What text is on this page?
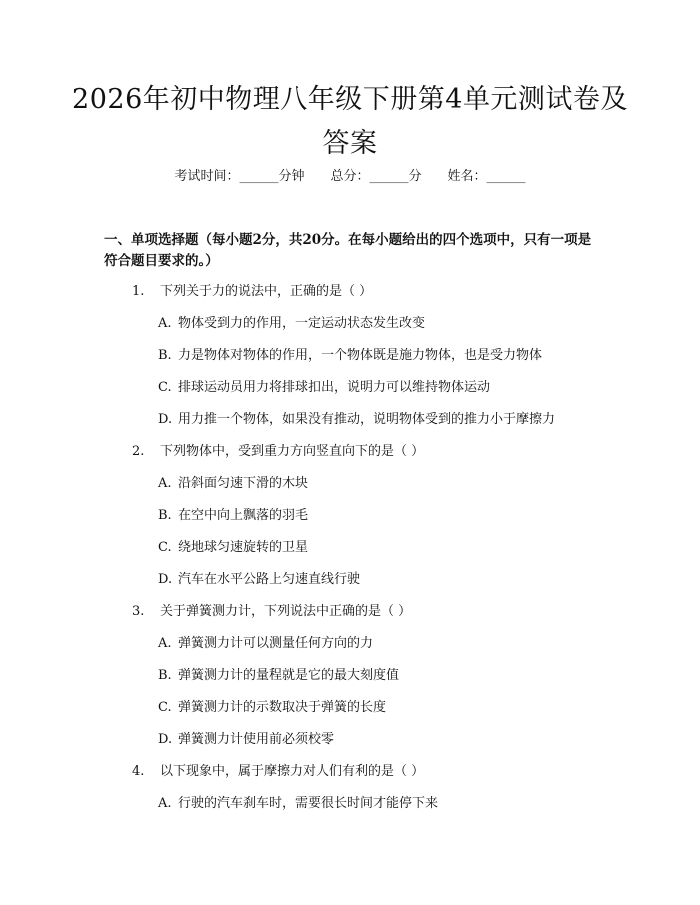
2026年初中物理八年级下册第4单元测试卷及答案
考试时间：______分钟 总分：______分 姓名：______
一、单项选择题（每小题2分，共20分。在每小题给出的四个选项中，只有一项是符合题目要求的。）
1. 下列关于力的说法中，正确的是（ ）
A. 物体受到力的作用，一定运动状态发生改变
B. 力是物体对物体的作用，一个物体既是施力物体，也是受力物体
C. 排球运动员用力将排球扣出，说明力可以维持物体运动
D. 用力推一个物体，如果没有推动，说明物体受到的推力小于摩擦力
2. 下列物体中，受到重力方向竖直向下的是（ ）
A. 沿斜面匀速下滑的木块
B. 在空中向上飘落的羽毛
C. 绕地球匀速旋转的卫星
D. 汽车在水平公路上匀速直线行驶
3. 关于弹簧测力计，下列说法中正确的是（ ）
A. 弹簧测力计可以测量任何方向的力
B. 弹簧测力计的量程就是它的最大刻度值
C. 弹簧测力计的示数取决于弹簧的长度
D. 弹簧测力计使用前必须校零
4. 以下现象中，属于摩擦力对人们有利的是（ ）
A. 行驶的汽车刹车时，需要很长时间才能停下来
